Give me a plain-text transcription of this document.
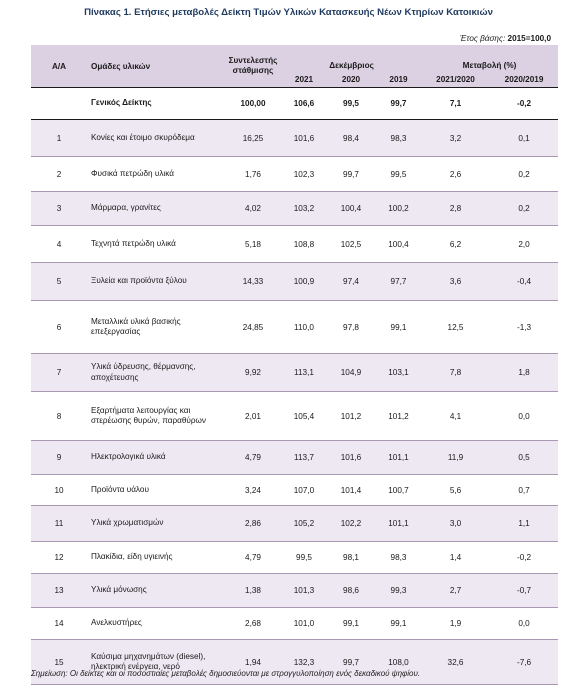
Πίνακας 1. Ετήσιες μεταβολές Δείκτη Τιμών Υλικών Κατασκευής Νέων Κτηρίων Κατοικιών
Έτος βάσης: 2015=100,0
Α/Α	Ομάδες υλικών	Συντελεστής στάθμισης	Δεκέμβριος			Μεταβολή (%)	
			2021	2020	2019	2021/2020	2020/2019
	Γενικός Δείκτης	100,00	106,6	99,5	99,7	7,1	-0,2
1	Κονίες και έτοιμο σκυρόδεμα	16,25	101,6	98,4	98,3	3,2	0,1
2	Φυσικά πετρώδη υλικά	1,76	102,3	99,7	99,5	2,6	0,2
3	Μάρμαρα, γρανίτες	4,02	103,2	100,4	100,2	2,8	0,2
4	Τεχνητά πετρώδη υλικά	5,18	108,8	102,5	100,4	6,2	2,0
5	Ξυλεία και προϊόντα ξύλου	14,33	100,9	97,4	97,7	3,6	-0,4
6	Μεταλλικά υλικά βασικής επεξεργασίας	24,85	110,0	97,8	99,1	12,5	-1,3
7	Υλικά ύδρευσης, θέρμανσης, αποχέτευσης	9,92	113,1	104,9	103,1	7,8	1,8
8	Εξαρτήματα λειτουργίας και στερέωσης θυρών, παραθύρων	2,01	105,4	101,2	101,2	4,1	0,0
9	Ηλεκτρολογικά υλικά	4,79	113,7	101,6	101,1	11,9	0,5
10	Προϊόντα υάλου	3,24	107,0	101,4	100,7	5,6	0,7
11	Υλικά χρωματισμών	2,86	105,2	102,2	101,1	3,0	1,1
12	Πλακίδια, είδη υγιεινής	4,79	99,5	98,1	98,3	1,4	-0,2
13	Υλικά μόνωσης	1,38	101,3	98,6	99,3	2,7	-0,7
14	Ανελκυστήρες	2,68	101,0	99,1	99,1	1,9	0,0
15	Καύσιμα μηχανημάτων (diesel), ηλεκτρική ενέργεια, νερό	1,94	132,3	99,7	108,0	32,6	-7,6
Σημείωση: Οι δείκτες και οι ποσοστιαίες μεταβολές δημοσιεύονται με στρογγυλοποίηση ενός δεκαδικού ψηφίου.
